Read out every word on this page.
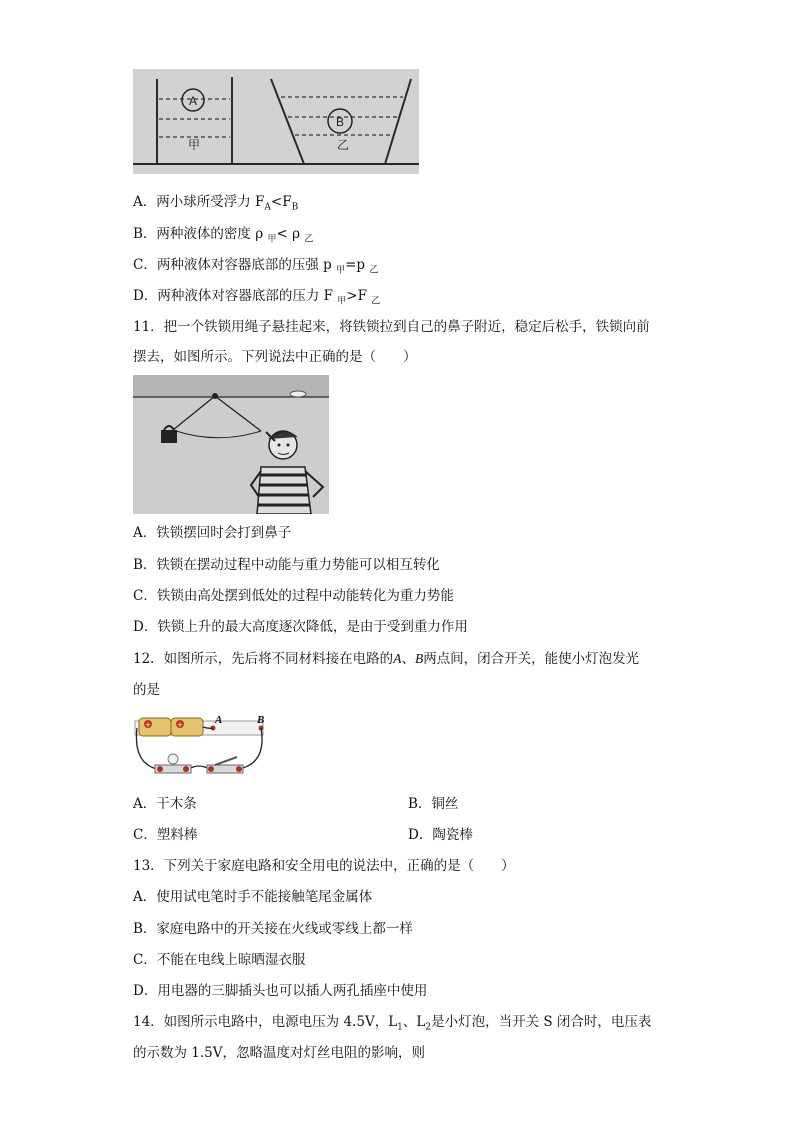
A
甲
B
乙
A．两小球所受浮力 $F_A<F_B$
B．两种液体的密度 ρ $_甲$< ρ $_乙$
C．两种液体对容器底部的压强 p $_甲$=p $_乙$
D．两种液体对容器底部的压力 F $_甲$>F $_乙$
11．把一个铁锁用绳子悬挂起来，将铁锁拉到自己的鼻子附近，稳定后松手，铁锁向前
摆去，如图所示。下列说法中正确的是（　　）
A．铁锁摆回时会打到鼻子
B．铁锁在摆动过程中动能与重力势能可以相互转化
C．铁锁由高处摆到低处的过程中动能转化为重力势能
D．铁锁上升的最大高度逐次降低，是由于受到重力作用
12．如图所示，先后将不同材料接在电路的A、B两点间，闭合开关，能使小灯泡发光
的是
+	+	A	B
A．干木条	B．铜丝
C．塑料棒	D．陶瓷棒
13．下列关于家庭电路和安全用电的说法中，正确的是（　　）
A．使用试电笔时手不能接触笔尾金属体
B．家庭电路中的开关接在火线或零线上都一样
C．不能在电线上晾晒湿衣服
D．用电器的三脚插头也可以插人两孔插座中使用
14．如图所示电路中，电源电压为 4.5V，$L_1$、$L_2$是小灯泡，当开关 S 闭合时，电压表
的示数为 1.5V，忽略温度对灯丝电阻的影响，则
